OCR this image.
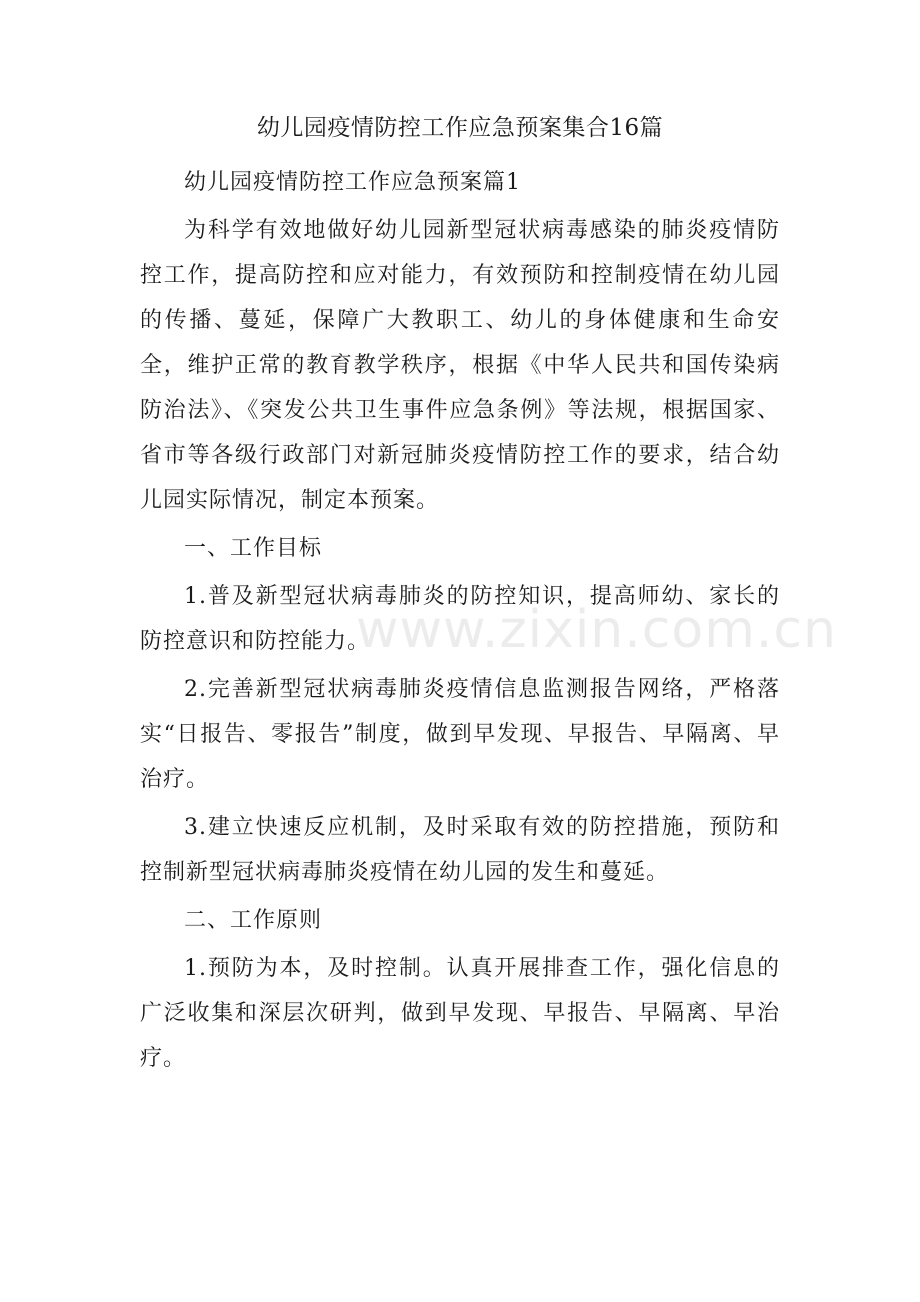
幼儿园疫情防控工作应急预案集合16篇

幼儿园疫情防控工作应急预案篇1

为科学有效地做好幼儿园新型冠状病毒感染的肺炎疫情防控工作，提高防控和应对能力，有效预防和控制疫情在幼儿园的传播、蔓延，保障广大教职工、幼儿的身体健康和生命安全，维护正常的教育教学秩序，根据《中华人民共和国传染病防治法》、《突发公共卫生事件应急条例》等法规，根据国家、省市等各级行政部门对新冠肺炎疫情防控工作的要求，结合幼儿园实际情况，制定本预案。

一、工作目标

1.普及新型冠状病毒肺炎的防控知识，提高师幼、家长的防控意识和防控能力。

2.完善新型冠状病毒肺炎疫情信息监测报告网络，严格落实“日报告、零报告”制度，做到早发现、早报告、早隔离、早治疗。

3.建立快速反应机制，及时采取有效的防控措施，预防和控制新型冠状病毒肺炎疫情在幼儿园的发生和蔓延。

二、工作原则

1.预防为本，及时控制。认真开展排查工作，强化信息的广泛收集和深层次研判，做到早发现、早报告、早隔离、早治疗。

www.zixin.com.cn
